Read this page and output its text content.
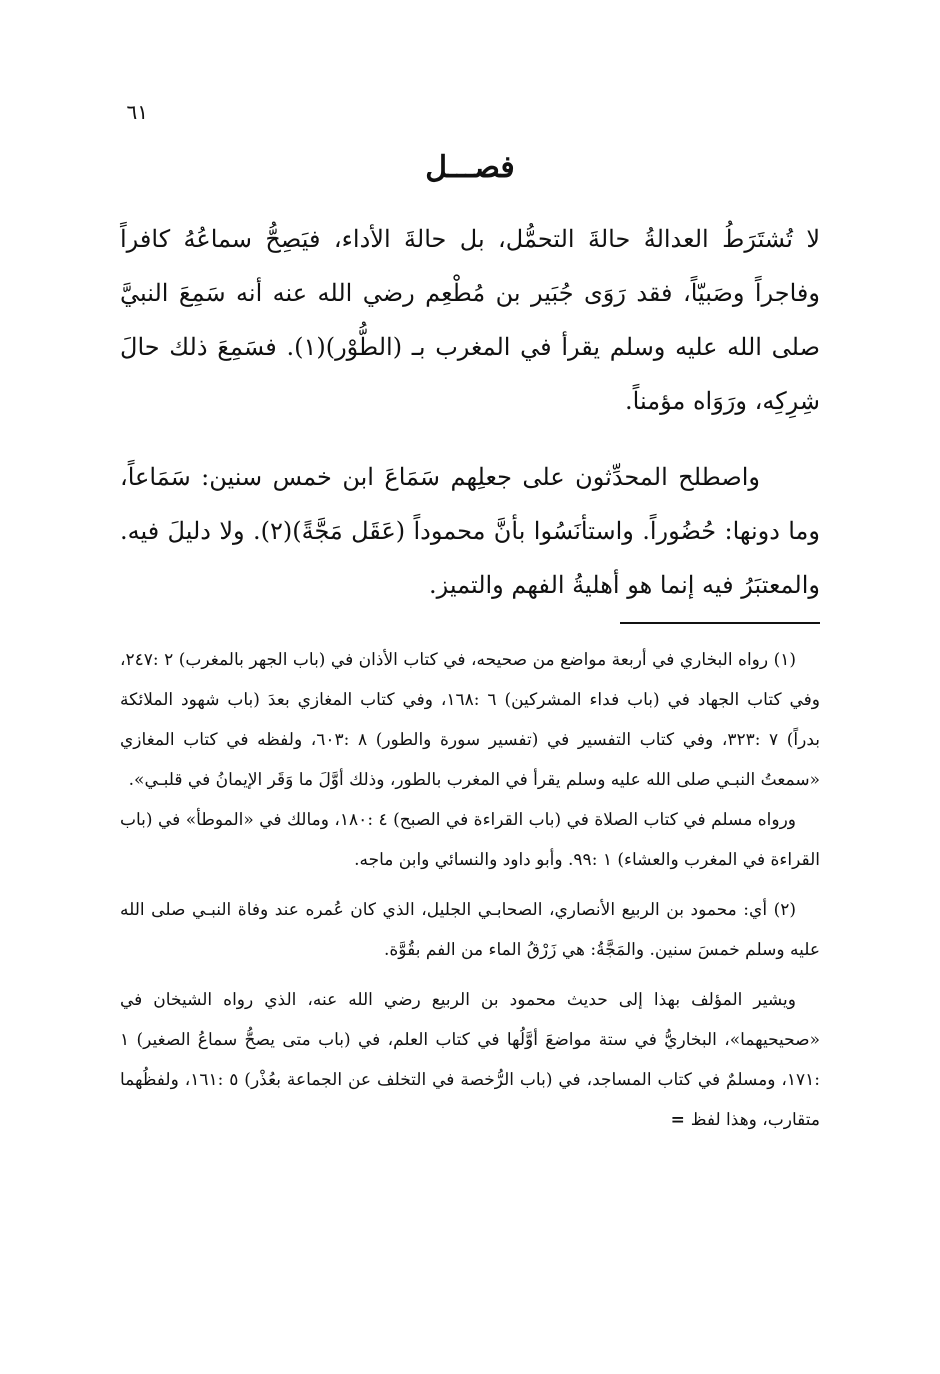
٦١
فصـــل

لا تُشتَرَطُ العدالةُ حالةَ التحمُّل، بل حالةَ الأداء، فيَصِحُّ سماعُهُ كافراً وفاجراً وصَبيّاً، فقد رَوَى جُبَير بن مُطْعِم رضي الله عنه أنه سَمِعَ النبيَّ صلى الله عليه وسلم يقرأ في المغرب بـ (الطُّوْر)(١). فسَمِعَ ذلك حالَ شِرِكِه، ورَوَاه مؤمناً.

واصطلح المحدِّثون على جعلِهم سَمَاعَ ابن خمس سنين: سَمَاعاً، وما دونها: حُضُوراً. واستأنَسُوا بأنَّ محموداً (عَقَل مَجَّةً)(٢). ولا دليلَ فيه. والمعتبَرُ فيه إنما هو أهليةُ الفهم والتميز.

(١) رواه البخاري في أربعة مواضع من صحيحه، في كتاب الأذان في (باب الجهر بالمغرب) ٢ :٢٤٧، وفي كتاب الجهاد في (باب فداء المشركين) ٦ :١٦٨، وفي كتاب المغازي بعدَ (باب شهود الملائكة بدراً) ٧ :٣٢٣، وفي كتاب التفسير في (تفسير سورة والطور) ٨ :٦٠٣، ولفظه في كتاب المغازي «سمعتُ النبـي صلى الله عليه وسلم يقرأ في المغرب بالطور، وذلك أوَّلَ ما وَقَر الإيمانُ في قلبـي».

ورواه مسلم في كتاب الصلاة في (باب القراءة في الصبح) ٤ :١٨٠، ومالك في «الموطأ» في (باب القراءة في المغرب والعشاء) ١ :٩٩. وأبو داود والنسائي وابن ماجه.

(٢) أي: محمود بن الربيع الأنصاري، الصحابـي الجليل، الذي كان عُمره عند وفاة النبـي صلى الله عليه وسلم خمسَ سنين. والمَجَّةُ: هي زَرْقُ الماء من الفم بقُوَّة.

ويشير المؤلف بهذا إلى حديث محمود بن الربيع رضي الله عنه، الذي رواه الشيخان في «صحيحيهما»، البخاريُّ في ستة مواضعَ أوَّلُها في كتاب العلم، في (باب متى يصحُّ سماعُ الصغير) ١ :١٧١، ومسلمٌ في كتاب المساجد، في (باب الرُّخصة في التخلف عن الجماعة بعُذْر) ٥ :١٦١، ولفظُهما متقارب، وهذا لفظ =
